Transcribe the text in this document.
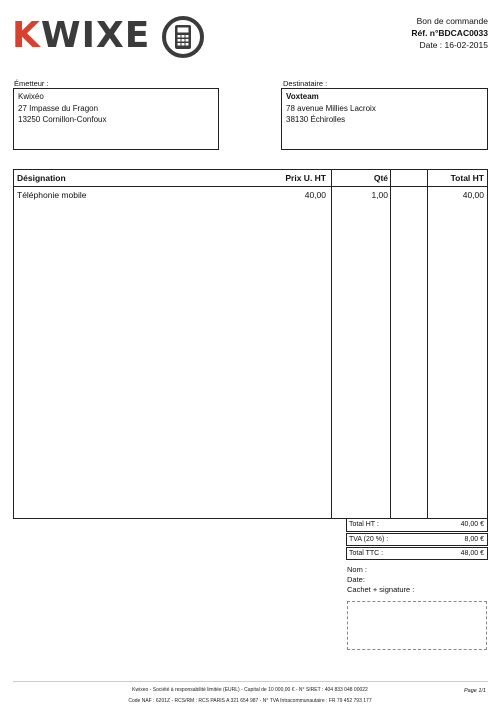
KWIXE	Bon de commande
Réf. n°BDCAC0033
Date : 16-02-2015
Émetteur :
Kwixéo
27 Impasse du Fragon
13250 Cornillon-Confoux
Destinataire :
Voxteam
78 avenue Millies Lacroix
38130 Échirolles
Désignation	Prix U. HT	Qté	Total HT
Téléphonie mobile	40,00	1,00	40,00
Total HT :	40,00 €
TVA (20 %) :	8,00 €
Total TTC :	48,00 €
Nom :
Date:
Cachet + signature :
Kwixeo - Société à responsabilité limitée (EURL) - Capital de 10 000,00 € - N° SIRET : 404 833 048 00022
Code NAF : 6201Z - RCS/RM : RCS PARIS A 321 654 987 - N° TVA Intracommunautaire : FR 79 452 793 177
Page 1/1
